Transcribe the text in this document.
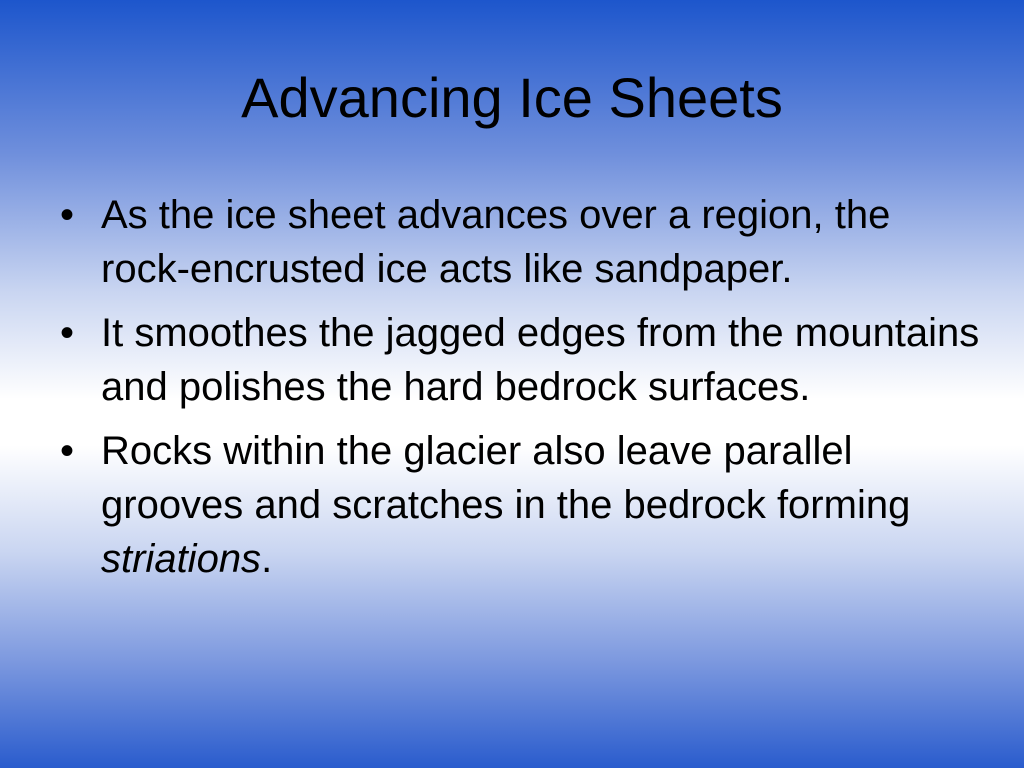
Advancing Ice Sheets
• As the ice sheet advances over a region, the rock-encrusted ice acts like sandpaper.
• It smoothes the jagged edges from the mountains and polishes the hard bedrock surfaces.
• Rocks within the glacier also leave parallel grooves and scratches in the bedrock forming striations.
